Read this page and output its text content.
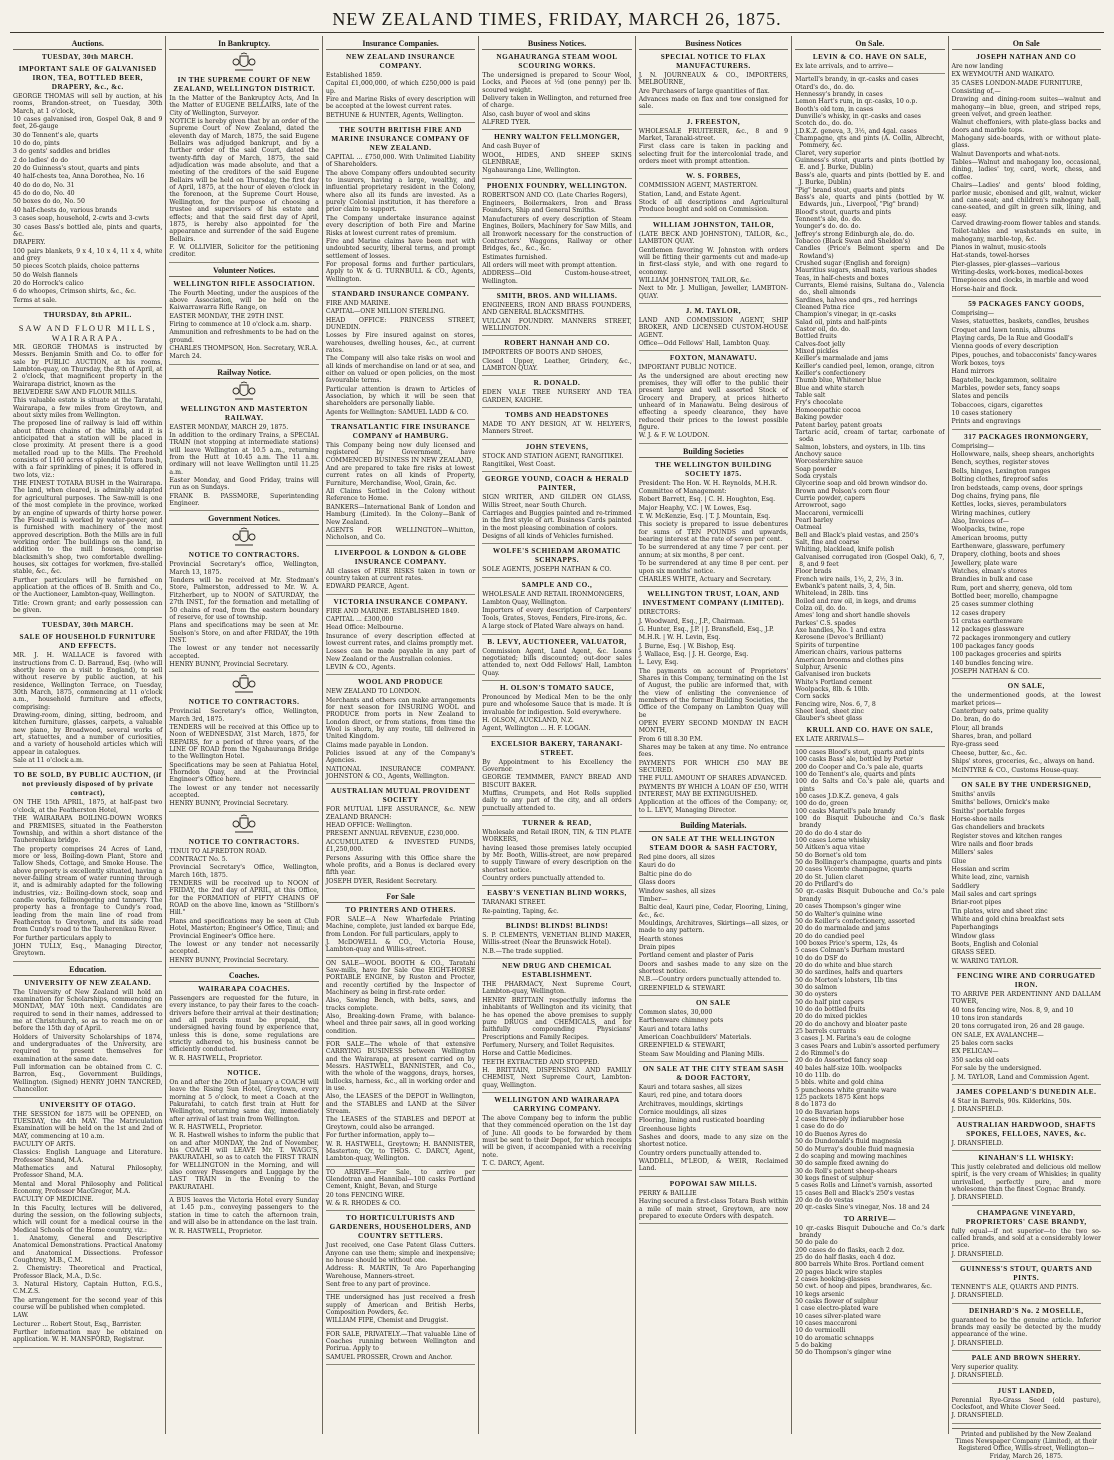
NEW ZEALAND TIMES, FRIDAY, MARCH 26, 1875.
Auctions.
TUESDAY, 30th MARCH.
IMPORTANT SALE OF GALVANISED IRON, TEA, BOTTLED BEER, DRAPERY, &c., &c.

GEORGE THOMAS will sell by auction, at his rooms, Brandon-street, on Tuesday, 30th March, at 1 o'clock,

10 cases galvanised iron, Gospel Oak, 8 and 9 feet, 26-gauge

30 do Tennent's ale, quarts

10 do do, pints

3 do gents' saddles and bridles

2 do ladies' do do

20 do Guinness's stout, quarts and pints

40 half-chests tea, Anna Dorothea, No. 16

40 do do do, No. 31

45 do do do, No. 40

50 boxes do do, No. 50

40 half-chests do, various brands

3 cases soap, household, 2-cwts and 3-cwts

30 cases Bass's bottled ale, pints and quarts, &c.

DRAPERY.

100 pairs blankets, 9 x 4, 10 x 4, 11 x 4, white and grey

50 pieces Scotch plaids, choice patterns

50 do Welsh flannels

20 do Horrock's calico

6 do whoopes, Crimson shirts, &c., &c.

Terms at sale.

THURSDAY, 8th APRIL.
SAW AND FLOUR MILLS, WAIRARAPA.

MR. GEORGE THOMAS is instructed by Messrs. Benjamin Smith and Co. to offer for sale by PUBLIC AUCTION, at his rooms, Lambton-quay, on Thursday, the 8th of April, at 2 o'clock, that magnificent property in the Wairarapa district, known as the

BELVEDERE SAW AND FLOUR MILLS.

This valuable estate is situate at the Taratahi, Wairarapa, a few miles from Greytown, and about sixty miles from Wellington.

The proposed line of railway is laid off within about fifteen chains of the Mills, and it is anticipated that a station will be placed in close proximity. At present there is a good metalled road up to the Mills. The Freehold consists of 1160 acres of splendid Totara bush, with a fair sprinkling of pines; it is offered in two lots, viz.:

THE FINEST TOTARA BUSH in the Wairarapa. The land, when cleared, is admirably adapted for agricultural purposes. The Saw-mill is one of the most complete in the province, worked by an engine of upwards of thirty horse power. The Flour-mill is worked by water-power, and is furnished with machinery of the most approved description. Both the Mills are in full working order. The buildings on the land, in addition to the mill houses, comprise blacksmith's shop, two comfortable dwelling-houses, six cottages for workmen, five-stalled stable, &c., &c.

Further particulars will be furnished on application at the offices of B. Smith and Co., or the Auctioneer, Lambton-quay, Wellington.

Title: Crown grant; and early possession can be given.

TUESDAY, 30th MARCH.
SALE OF HOUSEHOLD FURNITURE AND EFFECTS.

MR. J. H. WALLACE is favored with instructions from C. D. Barraud, Esq. (who will shortly leave on a visit to England), to sell without reserve by public auction, at his residence, Wellington Terrace, on Tuesday, 30th March, 1875, commencing at 11 o'clock a.m., household furniture and effects, comprising:

Drawing-room, dining, sitting, bedroom, and kitchen furniture, glasses, carpets, a valuable new piano, by Broadwood, several works of art, statuettes, and a number of curiosities, and a variety of household articles which will appear in catalogues.

Sale at 11 o'clock a.m.

TO BE SOLD, BY PUBLIC AUCTION, (if not previously disposed of by private contract),

ON THE 15th APRIL, 1875, at half-past two o'clock, at the Featherston Hotel,

THE WAIRARAPA BOILING-DOWN WORKS and PREMISES, situated in the Featherston Township, and within a short distance of the Tauherenikau bridge.

The property comprises 24 Acres of Land, more or less, Boiling-down Plant, Store and Tallow Sheds, Cottage, and Smoke House. The above property is excellently situated, having a never-failing stream of water running through it, and is admirably adapted for the following industries, viz.: Boiling-down stock, soap and candle works, fellmongering and tannery. The property has a frontage to Cundy's road, leading from the main line of road from Featherston to Greytown, and its side road from Cundy's road to the Tauherenikau River.

For further particulars apply to

JOHN TULLY, Esq., Managing Director, Greytown.

Education.
UNIVERSITY OF NEW ZEALAND.

The University of New Zealand will hold an examination for Scholarships, commencing on MONDAY, MAY 10th next. Candidates are required to send in their names, addressed to me at Christchurch, so as to reach me on or before the 15th day of April.

Holders of University Scholarships of 1874, and undergraduates of the University, are required to present themselves for examination at the same date.

Full information can be obtained from C. C. Barron, Esq., Government Buildings, Wellington. (Signed) HENRY JOHN TANCRED, Chancellor.

UNIVERSITY OF OTAGO.

THE SESSION for 1875 will be OPENED, on TUESDAY, the 4th MAY. The Matriculation Examination will be held on the 1st and 2nd of MAY, commencing at 10 a.m.

FACULTY OF ARTS.

Classics: English Language and Literature. Professor Shand, M.A.

Mathematics and Natural Philosophy, Professor Shand, M.A.

Mental and Moral Philosophy and Political Economy, Professor MacGregor, M.A.

FACULTY OF MEDICINE.

In this Faculty, lectures will be delivered, during the session, on the following subjects, which will count for a medical course in the Medical Schools of the Home country, viz.:

1. Anatomy, General and Descriptive Anatomical Demonstrations. Practical Anatomy and Anatomical Dissections. Professor Coughtrey, M.B., C.M.

2. Chemistry: Theoretical and Practical, Professor Black, M.A., D.Sc.

3. Natural History, Captain Hutton, F.G.S., C.M.Z.S.

The arrangement for the second year of this course will be published when completed.

LAW.

Lecturer ... Robert Stout, Esq., Barrister.

Further information may be obtained on application. W. H. MANSFORD, Registrar.

In Bankruptcy.
IN THE SUPREME COURT OF NEW ZEALAND, WELLINGTON DISTRICT.

In the Matter of the Bankruptcy Acts, And In the Matter of EUGENE BELLAIRS, late of the City of Wellington, Surveyor.

NOTICE is hereby given that by an order of the Supreme Court of New Zealand, dated the eleventh day of March, 1875, the said Eugene Bellairs was adjudged bankrupt, and by a further order of the said Court, dated the twenty-fifth day of March, 1875, the said adjudication was made absolute, and that a meeting of the creditors of the said Eugene Bellairs will be held on Thursday, the first day of April, 1875, at the hour of eleven o'clock in the forenoon, at the Supreme Court House, Wellington, for the purpose of choosing a trustee and supervisors of his estate and effects; and that the said first day of April, 1875, is hereby also appointed for the appearance and surrender of the said Eugene Bellairs.

F. W. OLLIVIER, Solicitor for the petitioning creditor.

Volunteer Notices.
WELLINGTON RIFLE ASSOCIATION.

The Fourth Meeting, under the auspices of the above Association, will be held on the Kaiwarrawarra Rifle Range, on

EASTER MONDAY, THE 29TH INST.

Firing to commence at 10 o'clock a.m. sharp.

Ammunition and refreshments to be had on the ground.

CHARLES THOMPSON, Hon. Secretary, W.R.A.

March 24.

Railway Notice.
WELLINGTON AND MASTERTON RAILWAY.

EASTER MONDAY, MARCH 29, 1875.

In addition to the ordinary Trains, a SPECIAL TRAIN (not stopping at intermediate stations) will leave Wellington at 10.5 a.m., returning from the Hutt at 10.45 a.m. The 11 a.m. ordinary will not leave Wellington until 11.25 a.m.

Easter Monday, and Good Friday, trains will run as on Sundays.

FRANK B. PASSMORE, Superintending Engineer.

Government Notices.
NOTICE TO CONTRACTORS.

Provincial Secretary's office, Wellington, March 13, 1875.

Tenders will be received at Mr. Stedman's Store, Palmerston, addressed to Mr. W. A. Fitzherbert, up to NOON of SATURDAY, the 27th INST., for the formation and metalling of 50 chains of road, from the eastern boundary of reserve, for use of township.

Plans and specifications may be seen at Mr. Snelson's Store, on and after FRIDAY, the 19th INST.

The lowest or any tender not necessarily accepted.

HENRY BUNNY, Provincial Secretary.

NOTICE TO CONTRACTORS.

Provincial Secretary's office, Wellington, March 3rd, 1875.

TENDERS will be received at this Office up to Noon of WEDNESDAY, 31st March, 1875, for REPAIRS, for a period of three years, of the LINE OF ROAD from the Ngahauranga Bridge to the Wellington Hotel.

Specifications may be seen at Pahiatua Hotel, Thorndon Quay, and at the Provincial Engineer's Office here.

The lowest or any tender not necessarily accepted.

HENRY BUNNY, Provincial Secretary.

NOTICE TO CONTRACTORS.

TINUI TO ALFREDTON ROAD.

CONTRACT No. 5.

Provincial Secretary's Office, Wellington, March 16th, 1875.

TENDERS will be received up to NOON of FRIDAY, the 2nd day of APRIL, at this Office, for the FORMATION of FIFTY CHAINS OF ROAD on the above line, known as "Stillborn's Hill."

Plans and specifications may be seen at Club Hotel, Masterton; Engineer's Office, Tinui; and Provincial Engineer's Office here.

The lowest or any tender not necessarily accepted.

HENRY BUNNY, Provincial Secretary.

Coaches.
WAIRARAPA COACHES.

Passengers are requested for the future, in every instance, to pay their fares to the coach-drivers before their arrival at their destination; and all parcels must be prepaid, the undersigned having found by experience that, unless this is done, some regulations are strictly adhered to, his business cannot be efficiently conducted.

W. R. HASTWELL, Proprietor.

NOTICE.

On and after the 20th of January a COACH will leave the Rising Sun Hotel, Greytown, every morning at 5 o'clock, to meet a Coach at the Pakuratahi, to catch first train at Hutt for Wellington, returning same day, immediately after arrival of last train from Wellington.

W. R. HASTWELL, Proprietor.

W. R. Hastwell wishes to inform the public that on and after MONDAY, the 2nd of November, his COACH will LEAVE Mr. T. WAGG'S, PAKURATAHI, so as to catch the FIRST TRAIN for WELLINGTON in the Morning, and will also convey Passengers and Luggage by the LAST TRAIN in the Evening to the PAKURATAHI.

A BUS leaves the Victoria Hotel every Sunday at 1.45 p.m., conveying passengers to the station in time to catch the afternoon train, and will also be in attendance on the last train.

W. R. HASTWELL, Proprietor.

Insurance Companies.
NEW ZEALAND INSURANCE COMPANY.

Established 1859.

Capital £1,000,000, of which £250,000 is paid up.

Fire and Marine Risks of every description will be accepted at the lowest current rates.

BETHUNE & HUNTER, Agents, Wellington.

THE SOUTH BRITISH FIRE AND MARINE INSURANCE COMPANY OF NEW ZEALAND.

CAPITAL ... £750,000. With Unlimited Liability of Shareholders.

The above Company offers undoubted security to insurers, having a large, wealthy, and influential proprietary resident in the Colony, where also all its funds are invested. As a purely Colonial institution, it has therefore a prior claim to support.

The Company undertake insurance against every description of both Fire and Marine Risks at lowest current rates of premium.

Fire and Marine claims have been met with undoubted security, liberal terms, and prompt settlement of losses.

For proposal forms and further particulars, Apply to W. & G. TURNBULL & CO., Agents, Wellington.

STANDARD INSURANCE COMPANY.

FIRE AND MARINE.

CAPITAL—ONE MILLION STERLING.

HEAD OFFICE: PRINCESS STREET, DUNEDIN.

Losses by Fire insured against on stores, warehouses, dwelling houses, &c., at current rates.

The Company will also take risks on wool and all kinds of merchandise on land or at sea, and either on valued or open policies, on the most favourable terms.

Particular attention is drawn to Articles of Association, by which it will be seen that shareholders are personally liable.

Agents for Wellington: SAMUEL LADD & CO.

TRANSATLANTIC FIRE INSURANCE COMPANY of HAMBURG.

This Company being now duly licensed and registered by Government, have COMMENCED BUSINESS IN NEW ZEALAND,

And are prepared to take fire risks at lowest current rates on all kinds of Property, Furniture, Merchandise, Wool, Grain, &c.

All Claims Settled in the Colony without Reference to Home.

BANKERS—International Bank of London and Hamburg (Limited). In the Colony—Bank of New Zealand.

AGENTS FOR WELLINGTON—Whitton, Nicholson, and Co.

LIVERPOOL & LONDON & GLOBE INSURANCE COMPANY.

All classes of FIRE RISKS taken in town or country taken at current rates.

EDWARD PEARCE, Agent.

VICTORIA INSURANCE COMPANY.

FIRE AND MARINE. ESTABLISHED 1849.

CAPITAL ... £300,000

Head Office: Melbourne.

Insurance of every description effected at lowest current rates, and claims promptly met.

Losses can be made payable in any part of New Zealand or the Australian colonies.

LEVIN & CO., Agents.

WOOL AND PRODUCE

NEW ZEALAND TO LONDON.

Merchants and others can make arrangements for next season for INSURING WOOL and PRODUCE from ports in New Zealand to London direct, or from stations, from time the Wool is shorn, by any route, till delivered in United Kingdom.

Claims made payable in London.

Policies issued at any of the Company's Agencies.

NATIONAL INSURANCE COMPANY. JOHNSTON & CO., Agents, Wellington.

AUSTRALIAN MUTUAL PROVIDENT SOCIETY

FOR MUTUAL LIFE ASSURANCE, &c. NEW ZEALAND BRANCH:

HEAD OFFICE: Wellington.

PRESENT ANNUAL REVENUE, £230,000.

ACCUMULATED & INVESTED FUNDS, £1,250,000.

Persons Assuring with this Office share the whole profits, and a Bonus is declared every fifth year.

JOSEPH DYER, Resident Secretary.

For Sale
TO PRINTERS AND OTHERS.

FOR SALE—A New Wharfedale Printing Machine, complete, just landed ex barque Ede, from London. For full particulars, apply to

J. McDOWELL & CO., Victoria House, Lambton-quay and Willis-street.

ON SALE—WOOL BOOTH & CO., Taratahi Saw-mills, have for Sale One EIGHT-HORSE PORTABLE ENGINE, by Ruston and Procter, and recently certified by the Inspector of Machinery as being in first-rate order.

Also, Sawing Bench, with belts, saws, and tracks complete.

Also, Breaking-down Frame, with balance-wheel and three pair saws, all in good working condition.

FOR SALE—The whole of that extensive CARRYING BUSINESS between Wellington and the Wairarapa, at present carried on by Messrs. HASTWELL, BANNISTER, and Co., with the whole of the waggons, drays, horses, bullocks, harness, &c., all in working order and in use.

Also, the LEASES of the DEPOT in Wellington, and the STABLES and LAND at the Silver Stream.

The LEASES of the STABLES and DEPOT at Greytown, could also be arranged.

For further information, apply to—

W. R. HASTWELL, Greytown; H. BANNISTER, Masterton; Or, to THOS. C. DARCY, Agent, Lambton-quay, Wellington.

TO ARRIVE—For Sale, to arrive per Glendotran and Hannibal—100 casks Portland Cement, Knight, Bevan, and Sturge

20 tons FENCING WIRE.

W. & R. RHODES & CO.

TO HORTICULTURISTS AND GARDENERS, HOUSEHOLDERS, AND COUNTRY SETTLERS.

Just received, one Case Patent Glass Cutters. Anyone can use them; simple and inexpensive; no house should be without one.

Address: R. MARTIN, Te Aro Paperhanging Warehouse, Manners-street.

Sent free to any part of province.

THE undersigned has just received a fresh supply of American and British Herbs, Composition Powders, &c.

WILLIAM FIPE, Chemist and Druggist.

FOR SALE, PRIVATELY.—That valuable Line of Coaches running between Wellington and Porirua. Apply to

SAMUEL PROSSER, Crown and Anchor.

Business Notices.
NGAHAURANGA STEAM WOOL SCOURING WORKS.

The undersigned is prepared to Scour Wool, Locks, and Pieces at ½d (one penny) per lb. scoured weight.

Delivery taken in Wellington, and returned free of charge.

Also, cash buyer of wool and skins

ALFRED TYER.

HENRY WALTON FELLMONGER,

And cash Buyer of

WOOL, HIDES, AND SHEEP SKINS GLENBRAE,

Ngahauranga Line, Wellington.

PHOENIX FOUNDRY, WELLINGTON.

ROBERTSON AND CO. (Late Charles Rogers),

Engineers, Boilermakers, Iron and Brass Founders, Ship and General Smiths.

Manufacturers of every description of Steam Engines, Boilers, Machinery for Saw Mills, and all Ironwork necessary for the construction of Contractors' Waggons, Railway or other Bridges, &c., &c., &c.

Estimates furnished.

All orders will meet with prompt attention.

ADDRESS—Old Custom-house-street, Wellington.

SMITH, BROS. AND WILLIAMS.

ENGINEERS, IRON AND BRASS FOUNDERS, AND GENERAL BLACKSMITHS.

VULCAN FOUNDRY. MANNERS STREET, WELLINGTON.

ROBERT HANNAH AND CO.

IMPORTERS OF BOOTS AND SHOES,

Closed Upper, Leather, Grindery, &c., LAMBTON QUAY.

R. DONALD.

EDEN VALE TREE NURSERY AND TEA GARDEN, KAIGHE.

TOMBS AND HEADSTONES

MADE TO ANY DESIGN, AT W. HELYER'S, Manners Street.

JOHN STEVENS,

STOCK AND STATION AGENT, RANGITIKEI.

Rangitikei, West Coast.

GEORGE YOUND, COACH & HERALD PAINTER,

SIGN WRITER, AND GILDER ON GLASS, Willis Street, near South Church.

Carriages and Buggies painted and re-trimmed in the first style of art. Business Cards painted in the most pleasing combination of colors.

Designs of all kinds of Vehicles furnished.

WOLFE'S SCHIEDAM AROMATIC SCHNAPPS.

SOLE AGENTS, JOSEPH NATHAN & CO.

SAMPLE AND CO.,

WHOLESALE AND RETAIL IRONMONGERS,

Lambton Quay, Wellington.

Importers of every description of Carpenters' Tools, Grates, Stoves, Fenders, Fire-irons, &c.

A large stock of Plated Ware always on hand.

B. LEVY, AUCTIONEER, VALUATOR,

Commission Agent, Land Agent, &c. Loans negotiated; bills discounted; out-door sales attended to, next Odd Fellows' Hall, Lambton Quay.

H. OLSON'S TOMATO SAUCE,

Pronounced by Medical Men to be the only pure and wholesome Sauce that is made. It is invaluable for indigestion. Sold everywhere.

H. OLSON, AUCKLAND, N.Z.

Agent, Wellington ... H. F. LOGAN.

EXCELSIOR BAKERY, TARANAKI-STREET.

By Appointment to his Excellency the Governor.

GEORGE TEMMMER, FANCY BREAD AND BISCUIT BAKER.

Muffins, Crumpets, and Hot Rolls supplied daily to any part of the city, and all orders punctually attended to.

TURNER & READ,

Wholesale and Retail IRON, TIN, & TIN PLATE WORKERS,

having leased those premises lately occupied by Mr. Booth, Willis-street, are now prepared to supply Tinware of every description on the shortest notice.

Country orders punctually attended to.

EASBY'S VENETIAN BLIND WORKS,

TARANAKI STREET.

Re-painting, Taping, &c.

BLINDS! BLINDS! BLINDS!

S. P. CLEMENTS, VENETIAN BLIND MAKER, Willis-street (Near the Brunswick Hotel).

N.B.—The trade supplied.

NEW DRUG AND CHEMICAL ESTABLISHMENT.

THE PHARMACY, Next Supreme Court, Lambton-quay, Wellington.

HENRY BRITTAIN respectfully informs the inhabitants of Wellington and its vicinity, that he has opened the above premises to supply pure DRUGS and CHEMICALS, and for faithfully compounding Physicians' Prescriptions and Family Recipes.

Perfumery, Nursery, and Toilet Requisites.

Horse and Cattle Medicines.

TEETH EXTRACTED AND STOPPED.

H. BRITTAIN, DISPENSING AND FAMILY CHEMIST, Next Supreme Court, Lambton-quay, Wellington.

WELLINGTON AND WAIRARAPA CARRYING COMPANY.

The above Company beg to inform the public that they commenced operation on the 1st day of June. All goods to be forwarded by them must be sent to their Depot, for which receipts will be given, if accompanied with a receiving note.

T. C. DARCY, Agent.

Business Notices
SPECIAL NOTICE TO FLAX MANUFACTURERS.

J. N. JOURNEAUX & CO., IMPORTERS, MELBOURNE,

Are Purchasers of large quantities of flax.

Advances made on flax and tow consigned for sale.

J. FREESTON,

WHOLESALE FRUITERER, &c., 8 and 9 Market, Taranaki-street.

First class care is taken in packing and selecting fruit for the intercolonial trade, and orders meet with prompt attention.

W. S. FORBES,

COMMISSION AGENT, MASTERTON.

Station, Land, and Estate Agent.

Stock of all descriptions and Agricultural Produce bought and sold on Commission.

WILLIAM JOHNSTON, TAILOR,

(LATE BECK AND JOHNSTON), TAILOR, &c., LAMBTON QUAY.

Gentlemen favoring W. Johnston with orders will be fitting their garments cut and made-up in first-class style, and with one regard to economy.

WILLIAM JOHNSTON, TAILOR, &c.

Next to Mr. J. Mulligan, Jeweller, LAMBTON-QUAY.

J. M. TAYLOR,

LAND AND COMMISSION AGENT, SHIP BROKER, AND LICENSED CUSTOM-HOUSE AGENT.

Office—Odd Fellows' Hall, Lambton Quay.

FOXTON, MANAWATU.

IMPORTANT PUBLIC NOTICE.

As the undersigned are about erecting new premises, they will offer to the public their present large and well assorted Stock of Grocery and Drapery, at prices hitherto unheard of in Manawatu. Being desirous of effecting a speedy clearance, they have reduced their prices to the lowest possible figure.

W. J. & F. W. LOUDON.

Building Societies
THE WELLINGTON BUILDING SOCIETY 1875.

President: The Hon. W. H. Reynolds, M.H.R.

Committee of Management:

Robert Barrett, Esq. | C. H. Houghton, Esq.

Major Heaphy, V.C. | W. Lowes, Esq.

T. W. McKenzie, Esq. | T. J. Mountain, Esq.

This society is prepared to issue debentures for sums of TEN POUNDS and upwards, bearing interest at the rate of seven per cent.

To be surrendered at any time 7 per cent. per annum; at six months, 8 per cent.

To be surrendered at any time 8 per cent. per upon six months' notice.

CHARLES WHITE, Actuary and Secretary.

WELLINGTON TRUST, LOAN, AND INVESTMENT COMPANY (LIMITED).

DIRECTORS:

J. Woodward, Esq., J.P., Chairman.

G. Hunter, Esq., J.P. | J. Bransfield, Esq., J.P.

M.H.R. | W. H. Levin, Esq.

J. Burne, Esq. | W. Bishop, Esq.

J. Wallace, Esq. | J. H. George, Esq.

L. Levy, Esq.

The payments on account of Proprietors' Shares in this Company, terminating on the 1st of August, the public are informed that, with the view of enlisting the convenience of members of the former Building Societies, the Office of the Company on Lambton Quay will be

OPEN EVERY SECOND MONDAY IN EACH MONTH,

From 6 till 8.30 P.M.

Shares may be taken at any time. No entrance fees.

PAYMENTS FOR WHICH £50 MAY BE SECURED.

THE FULL AMOUNT OF SHARES ADVANCED.

PAYMENTS BY WHICH A LOAN OF £50, WITH INTEREST, MAY BE EXTINGUISHED.

Application at the offices of the Company; or, to L. LEVY, Managing Director.

Building Materials.
ON SALE AT THE WELLINGTON STEAM DOOR & SASH FACTORY,

Red pine doors, all sizes

Kauri do do

Baltic pine do do

Glass doors

Window sashes, all sizes

Timber—

Baltic deal, Kauri pine, Cedar, Flooring, Lining, &c., &c.

Mouldings, Architraves, Skirtings—all sizes, or made to any pattern.

Hearth stones

Drain pipes

Portland cement and plaster of Paris

Doors and sashes made to any size on the shortest notice.

N.B.—Country orders punctually attended to.

GREENFIELD & STEWART.

ON SALE

Common slates, 30,000

Earthenware chimney pots

Kauri and totara laths

American Coachbuilders' Materials.

GREENFIELD & STEWART,

Steam Saw Moulding and Planing Mills.

ON SALE AT THE CITY STEAM SASH & DOOR FACTORY,

Kauri and totara sashes, all sizes

Kauri, red pine, and totara doors

Architraves, mouldings, skirtings

Cornice mouldings, all sizes

Flooring, lining and rusticated boarding

Greenhouse lights

Sashes and doors, made to any size on the shortest notice.

Country orders punctually attended to.

WADDELL, M'LEOD, & WEIR, Reclaimed Land.

POPOWAI SAW MILLS.

PERRY & BAILLIE

Having secured a first-class Totara Bush within a mile of main street, Greytown, are now prepared to execute Orders with despatch.

On Sale.
LEVIN & CO. HAVE ON SALE,

Ex late arrivals, and to arrive—

Martell's brandy, in qr.-casks and cases

Otard's do., do. do.

Hennessy's brandy, in cases

Lemon Hart's rum, in qr.-casks, 10 o.p.

Booth's old tom, in cases

Dunville's whisky, in qr.-casks and cases

Scotch do., do. do.

J.D.K.Z. geneva, 3, 3½, and 4gal. cases

Champagne, qts and pints (A. Collin, Albrecht, Pommery, &c.

Claret, very superior

Guinness's stout, quarts and pints (bottled by E. and J. Burke, Dublin)

Bass's ale, quarts and pints (bottled by E. and J. Burke, Dublin)

"Pig" brand stout, quarts and pints

Bass's ale, quarts and pints (bottled by W. Edwards, jun., Liverpool, "Pig" brand)

Blood's stout, quarts and pints

Tennent's ale, do. do.

Younger's do. do. do.

Jeffrey's strong Edinburgh ale, do. do.

Tobacco (Black Swan and Sheldon's)

Candles (Price's Belmont sperm and De Rowland's)

Crushed sugar (English and foreign)

Mauritius sugars, small mats, various shades

Teas, in half-chests and boxes

Currants, Elemé raisins, Sultana do., Valencia do., shell almonds

Sardines, halves and qrs., red herrings

Cleaned Patna rice

Champion's vinegar, in qr.-casks

Salad oil, pints and half-pints

Castor oil, do. do.

Bottled fruits

Calves-foot jelly

Mixed pickles

Keiller's marmalade and jams

Keiller's candied peel, lemon, orange, citron

Keiller's confectionery

Thumb blue, Whitener blue

Blue and white starch

Table salt

Fry's chocolate

Homoeopathic cocoa

Baking powder

Patent barley, patent groats

Tartaric acid, cream of tartar, carbonate of soda

Salmon, lobsters, and oysters, in 1lb. tins

Anchovy sauce

Worcestershire sauce

Soap powder

Soda crystals

Glycerine soap and old brown windsor do.

Brown and Polson's corn flour

Currie powder, capers

Arrowroot, sago

Maccaroni, vermicelli

Pearl barley

Oatmeal

Bell and Black's plaid vestas, and 250's

Salt, fine and coarse

Whiting, blacklead, knife polish

Galvanised corrugated iron (Gospel Oak), 6, 7, 8, and 9 feet

Floor brads

French wire nails, 1½, 2, 2½, 3 in.

Ewbank's patent nails, 3, 4, 5in.

Whitelead, in 28lb. tins

Boiled and raw oil, in kegs, and drums

Colza oil, do. do.

Ames' long and short handle shovels

Parkes' C.S. spades

Axe handles, No. 1 and extra

Kerosene (Devoe's Brilliant)

Spirits of turpentine

American chairs, various patterns

American brooms and clothes pins

Sulphur, Arsenic

Galvanised iron buckets

White's Portland cement

Woolpacks, 8lb. & 10lb.

Corn sacks

Fencing wire, Nos. 6, 7, 8

Sheet lead, sheet zinc

Glauber's sheet glass

KRULL AND CO. HAVE ON SALE,

EX LATE ARRIVALS—

100 cases Blood's stout, quarts and pints

100 casks Bass' ale, bottled by Porter

200 do Cooper and Co.'s pale ale, quarts

100 do Tennent's ale, quarts and pints

100 do Salts and Co.'s pale ale, quarts and pints

100 cases J.D.K.Z. geneva, 4 gals

100 do do, green

100 casks Martell's pale brandy

100 do Bisquit Dubouche and Co.'s flask brandy

20 do do do 4 star do

100 cases Lorne whisky

50 Aitken's aqua vitae

50 do Bornet's old tom

50 do Bollinger's champagne, quarts and pints

20 cases Vicomte champagne, quarts

20 do St. Julien claret

20 do Prillard's do

50 qr.-casks Bisquit Dubouche and Co.'s pale brandy

20 cases Thompson's ginger wine

50 do Walter's quinine wine

50 do Keiller's confectionery, assorted

20 do do marmalade and jams

20 do do candied peel

100 boxes Price's sperm, 12s, 4s

5 cases Colman's Durham mustard

10 do do DSF do

20 do do white and blue starch

30 do sardines, halfs and quarters

50 do Morton's lobsters, 1lb tins

30 do salmon

30 do oysters

50 do half pint capers

10 do do bottled fruits

20 do do mixed pickles

20 do do anchovy and bloater paste

25 barrels currants

3 cases J. M. Farina's eau de cologne

3 cases Pears and Lubin's assorted perfumery

2 do Rimmel's do

20 do do Assorted fancy soap

40 bales half-size 10lb. woolpacks

10 do 11lb. do

5 bbls. white and gold china

5 puncheons white granite ware

125 packets 1875 Kent hops

8 do 1873 do

10 do Bavarian hops

2 cases three-ply indiarubber hose

1 case do do do

10 do Buenos Ayres do

50 do Dundonald's fluid magnesia

50 do Murray's double fluid magnesia

2 do scaping and mowing machines

30 do sample fixed awning do

30 do Roll's patent sheep-shears

30 kegs finest of sulphur

5 cases Rolls and Linnet's varnish, assorted

15 cases Bell and Black's 250's vestas

20 do do do vestas

20 qr.-casks Sine's vinegar, Nos. 18 and 24

TO ARRIVE—

10 qr.-casks Bisquit Dubouche and Co.'s dark brandy

50 do pale do

200 cases do do flasks, each 2 doz.

25 do do half flasks, each 4 doz.

800 barrels White Bros. Portland cement

20 pages black wire staples

2 cases hooking-glasses

50 cwt. of hoop and pipes, brandwares, &c.

10 kegs arsenic

50 casks flower of sulphur

1 case electro-plated ware

10 cases silver-plated ware

10 cases maccaroni

10 do vermicelli

10 do aromatic schnapps

5 do baking

50 do Thompson's ginger wine

On Sale
JOSEPH NATHAN AND CO

Are now landing

EX WEYMOUTH AND WAIKATO.

35 CASES LONDON-MADE FURNITURE,

Consisting of,—

Drawing and dining-room suites—walnut and mahogany—in blue, green, and striped reps, green velvet, and green leather.

Walnut cheffoniers, with plate-glass backs and doors and marble tops.

Mahogany side-boards, with or without plate-glass.

Walnut Davenports and what-nots.

Tables—Walnut and mahogany loo, occasional, dining, ladies' toy, card, work, chess, and coffee.

Chairs—Ladies' and gents' blood folding, parlor music, ebonised and gilt, walnut, wicker and cane-seat; and children's mahogany hall, cane-seated, and gilt in green silk, lining, and easy.

Carved drawing-room flower tables and stands.

Toilet-tables and washstands en suite, in mahogany, marble-top, &c.

Pianos in walnut, music-stools

Hat-stands, towel-horses

Pier-glasses, pier-glasses—various

Writing-desks, work-boxes, medical-boxes

Timepieces and clocks, in marble and wood

Horse-hair and flock.

59 PACKAGES FANCY GOODS,

Comprising—

Vases, statuettes, baskets, candles, brushes

Croquet and lawn tennis, albums

Playing cards, De la Rue and Goodall's

Vienna goods of every description

Pipes, pouches, and tobacconists' fancy-wares

Work boxes, toys

Hand mirrors

Bagatelle, backgammon, solitaire

Marbles, powder sets, fancy soaps

Slates and pencils

Tobaccoes, cigars, cigarettes

10 cases stationery

Prints and engravings

317 PACKAGES IRONMONGERY,

Comprising—

Hollowware, nails, sheep shears, anchorights

Bench, scythes, register stoves

Bells, hinges, Lexington ranges

Bolting clothes, fireproof safes

Iron bedsteads, camp ovens, door springs

Dog chains, frying pans, file

Kettles, locks, sieves, perambulators

Wiring machines, cutlery

Also, Invoices of—

Woolpacks, twine, rope

American brooms, putty

Earthenware, glassware, perfumery

Drapery, clothing, boots and shoes

Jewellery, plate ware

Watches, elman's stores

Brandies in bulk and case

Rum, port and sherry, geneva, old tom

Bottled beer, morello, champagne

25 cases summer clothing

12 cases drapery

51 cratas earthenware

12 packages glassware

72 packages ironmongery and cutlery

100 packages fancy goods

100 packages groceries and spirits

140 bundles fencing wire.

JOSEPH NATHAN & CO.

ON SALE,

the undermentioned goods, at the lowest market prices—

Canterbury oats, prime quality

Do. bran, do do

Flour, all brands

Shares, bran, and pollard

Rye-grass seed

Cheese, butter, &c., &c.

Ships' stores, groceries, &c., always on hand.

McINTYRE & CO., Customs House-quay.

ON SALE BY THE UNDERSIGNED,

Smiths' anvils

Smiths' bellows, Ornick's make

Smiths' portable forges

Horse-shoe nails

Gas chandeliers and brackets

Register stoves and kitchen ranges

Wire nails and floor brads

Millers' sales

Glue

Hessian and scrim

White lead, zinc, varnish

Saddlery

Mail sales and cart springs

Briar-root pipes

Tin plates, wire and sheet zinc

White and gold china breakfast sets

Paperhangings

Window glass

Boots, English and Colonial

GRASS SEED.

W. WARING TAYLOR.

FENCING WIRE AND CORRUGATED IRON.

TO ARRIVE PER ARDENTINNY AND DALLAM TOWER,

40 tons fencing wire, Nos. 8, 9, and 10

10 tons iron standards

20 tons corrugated iron, 26 and 28 gauge.

ON SALE, EX AVALANCHE—

25 bales corn sacks

EX PELICAN—

350 sacks old oats

For sale by the undersigned.

J. M. TAYLOR, Land and Commission Agent.

JAMES COPELAND'S DUNEDIN ALE.

4 Star in Barrels, 90s. Kilderkins, 50s.

J. DRANSFIELD.

AUSTRALIAN HARDWOOD, SHAFTS SPOKES, FELLOES, NAVES, &c.

J. DRANSFIELD.

KINAHAN'S LL WHISKY:

This justly celebrated and delicious old mellow spirit, is the very cream of Whiskies; in quality unrivalled, perfectly pure, and more wholesome than the finest Cognac Brandy.

J. DRANSFIELD.

CHAMPAGNE VINEYARD, PROPRIETORS' CASE BRANDY,

fully equal—if not superior—to the two so-called brands, and sold at a considerably lower price.

J. DRANSFIELD.

GUINNESS'S STOUT, QUARTS AND PINTS.

TENNENT'S ALE, QUARTS AND PINTS.

J. DRANSFIELD.

DEINHARD'S No. 2 MOSELLE,

guaranteed to be the genuine article. Inferior brands may easily be detected by the muddy appearance of the wine.

J. DRANSFIELD.

PALE AND BROWN SHERRY.

Very superior quality.

J. DRANSFIELD.

JUST LANDED,

Perennial Rye-Grass Seed (old pasture), Cocksfoot, and White Clover Seed.

J. DRANSFIELD.

Printed and published by the New Zealand Times Newspaper Company (Limited), at their Registered Office, Willis-street, Wellington—Friday, March 26, 1875.
